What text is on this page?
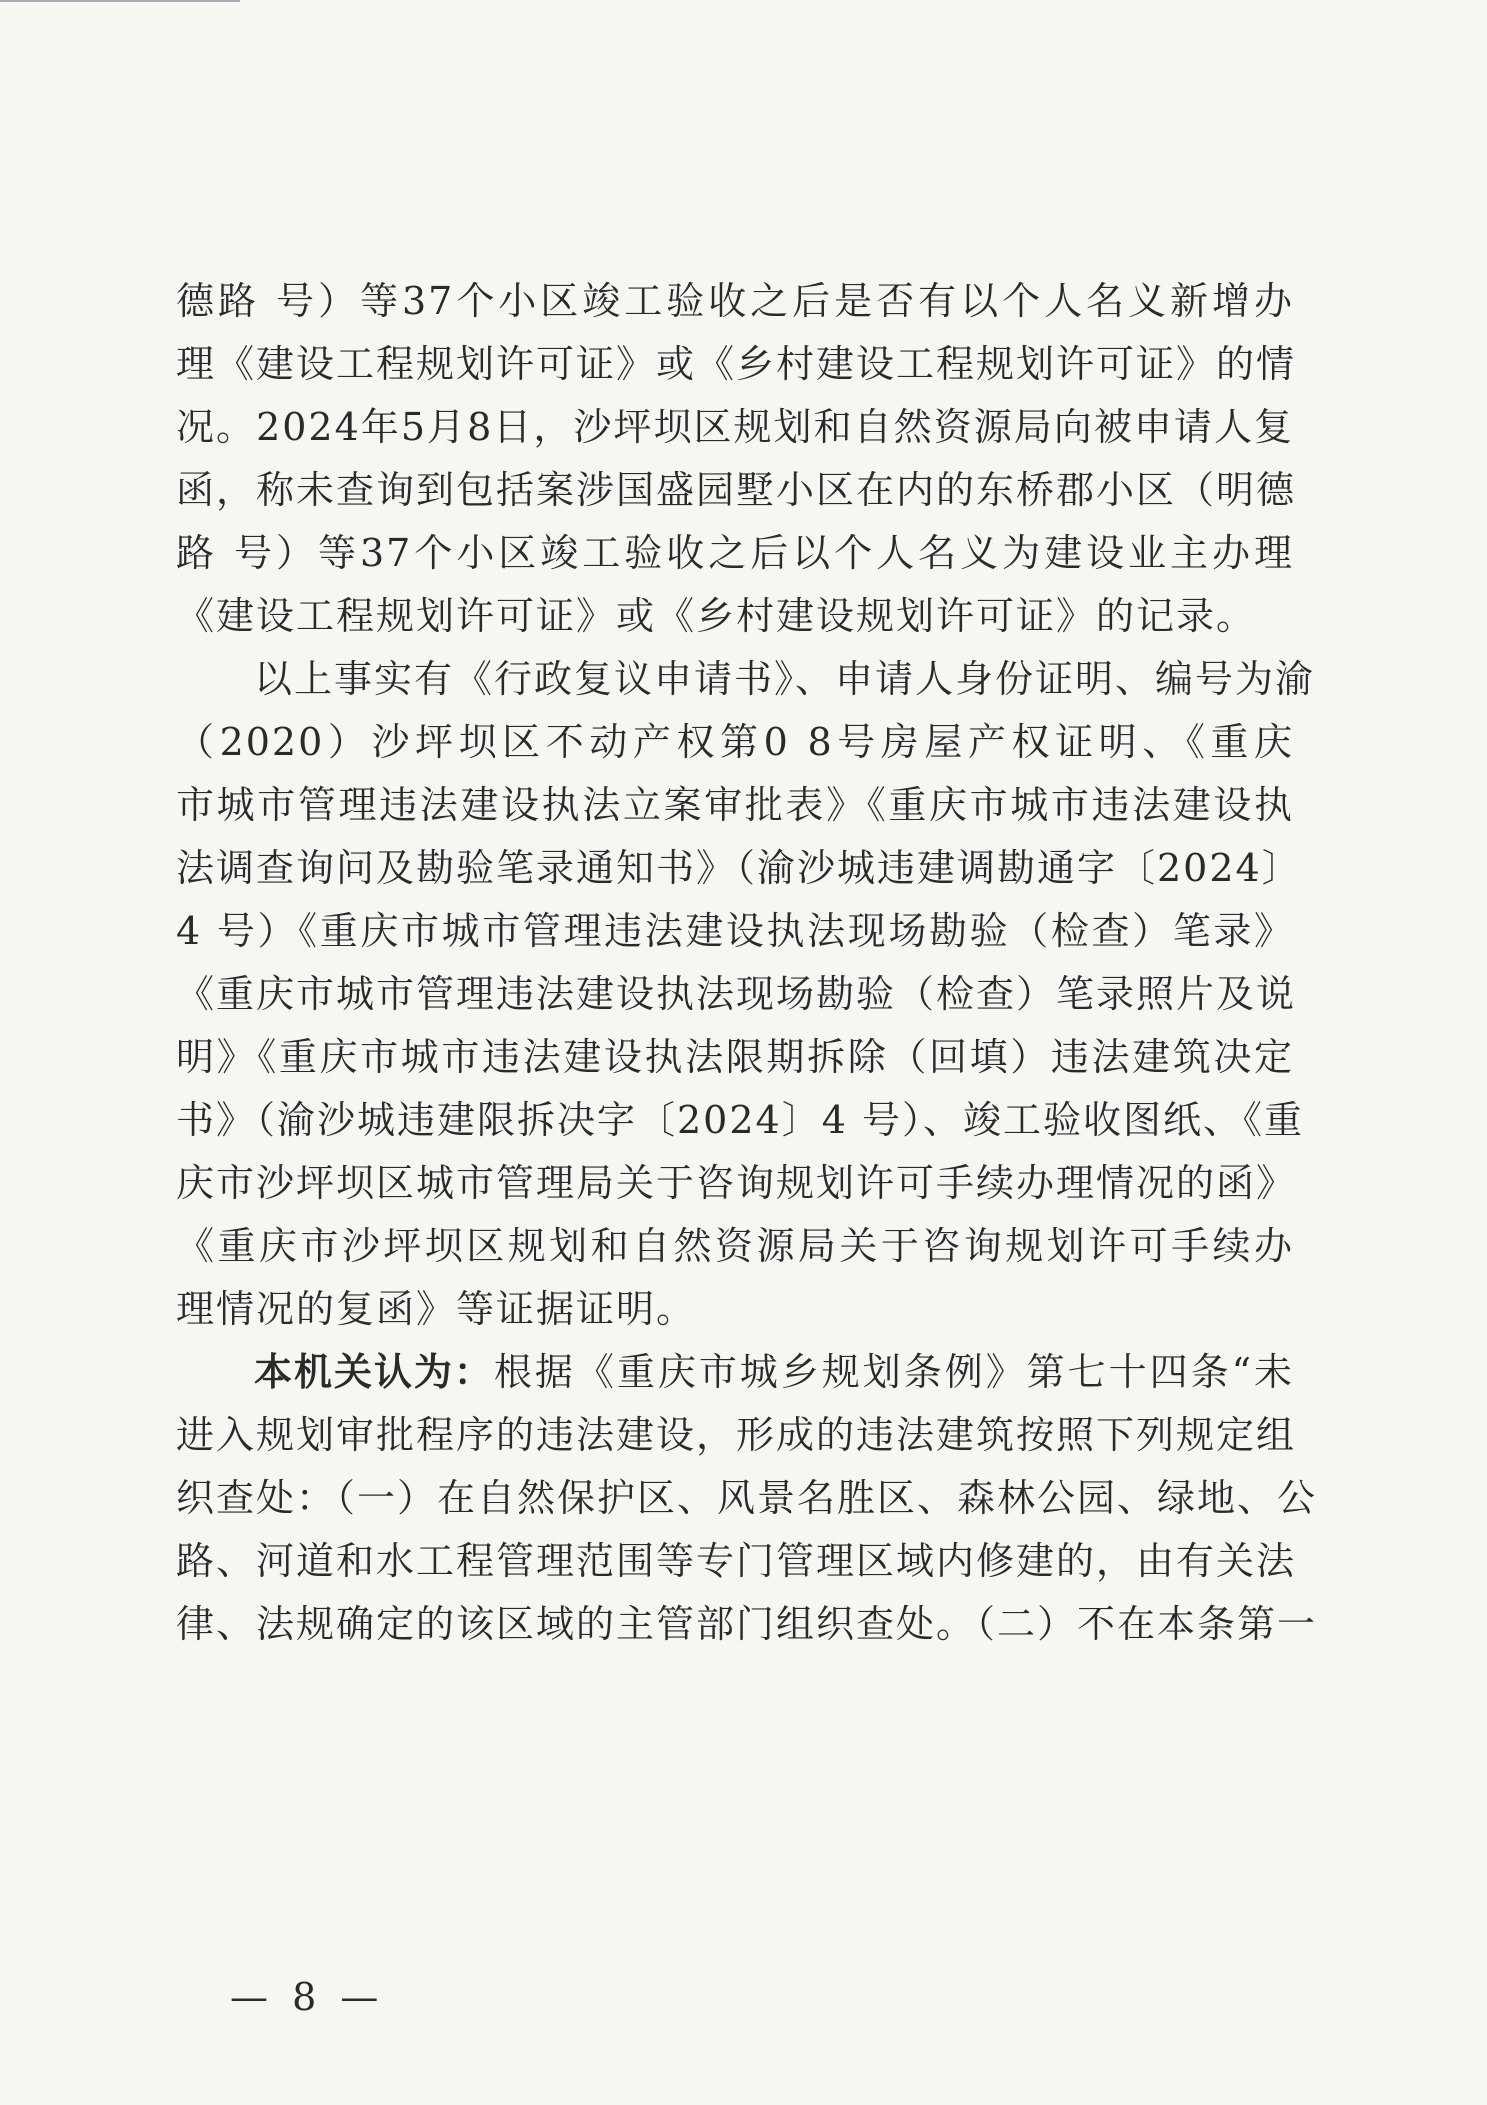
德路 号）等37个小区竣工验收之后是否有以个人名义新增办
理《建设工程规划许可证》或《乡村建设工程规划许可证》的情
况。2024年5月8日，沙坪坝区规划和自然资源局向被申请人复
函，称未查询到包括案涉国盛园墅小区在内的东桥郡小区（明德
路 号）等37个小区竣工验收之后以个人名义为建设业主办理
《建设工程规划许可证》或《乡村建设规划许可证》的记录。
以上事实有《行政复议申请书》、申请人身份证明、编号为渝
（2020）沙坪坝区不动产权第0 8号房屋产权证明、《重庆
市城市管理违法建设执法立案审批表》《重庆市城市违法建设执
法调查询问及勘验笔录通知书》（渝沙城违建调勘通字〔2024〕
4 号）《重庆市城市管理违法建设执法现场勘验（检查）笔录》
《重庆市城市管理违法建设执法现场勘验（检查）笔录照片及说
明》《重庆市城市违法建设执法限期拆除（回填）违法建筑决定
书》（渝沙城违建限拆决字〔2024〕4 号）、竣工验收图纸、《重
庆市沙坪坝区城市管理局关于咨询规划许可手续办理情况的函》
《重庆市沙坪坝区规划和自然资源局关于咨询规划许可手续办
理情况的复函》等证据证明。
本机关认为：根据《重庆市城乡规划条例》第七十四条“未
进入规划审批程序的违法建设，形成的违法建筑按照下列规定组
织查处：（一）在自然保护区、风景名胜区、森林公园、绿地、公
路、河道和水工程管理范围等专门管理区域内修建的，由有关法
律、法规确定的该区域的主管部门组织查处。（二）不在本条第一
— 8 —
